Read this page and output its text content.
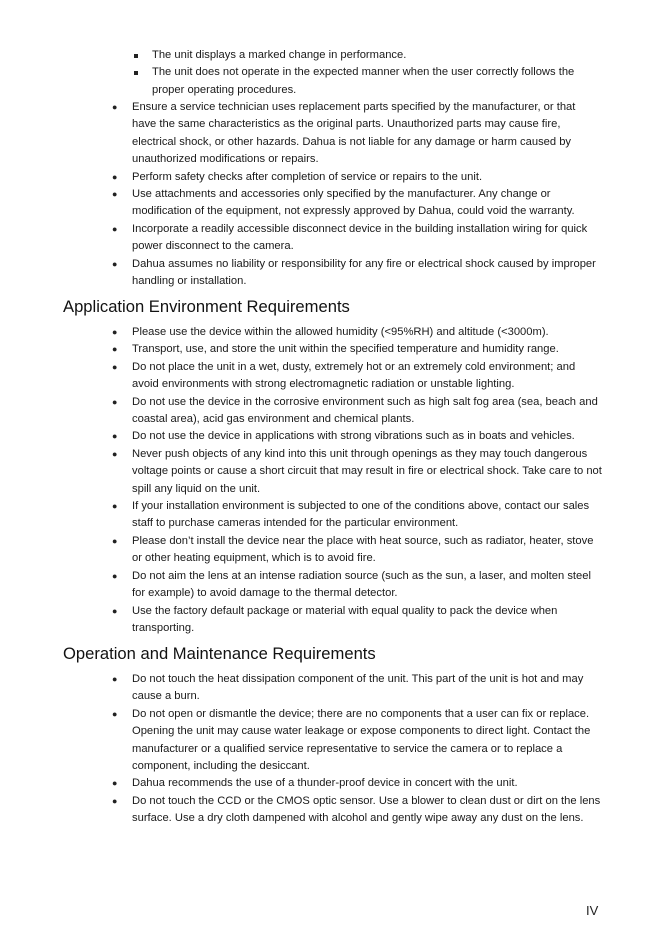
The unit displays a marked change in performance.
The unit does not operate in the expected manner when the user correctly follows the proper operating procedures.
● Ensure a service technician uses replacement parts specified by the manufacturer, or that have the same characteristics as the original parts. Unauthorized parts may cause fire, electrical shock, or other hazards. Dahua is not liable for any damage or harm caused by unauthorized modifications or repairs.
● Perform safety checks after completion of service or repairs to the unit.
● Use attachments and accessories only specified by the manufacturer. Any change or modification of the equipment, not expressly approved by Dahua, could void the warranty.
● Incorporate a readily accessible disconnect device in the building installation wiring for quick power disconnect to the camera.
● Dahua assumes no liability or responsibility for any fire or electrical shock caused by improper handling or installation.
Application Environment Requirements
● Please use the device within the allowed humidity (<95%RH) and altitude (<3000m).
● Transport, use, and store the unit within the specified temperature and humidity range.
● Do not place the unit in a wet, dusty, extremely hot or an extremely cold environment; and avoid environments with strong electromagnetic radiation or unstable lighting.
● Do not use the device in the corrosive environment such as high salt fog area (sea, beach and coastal area), acid gas environment and chemical plants.
● Do not use the device in applications with strong vibrations such as in boats and vehicles.
● Never push objects of any kind into this unit through openings as they may touch dangerous voltage points or cause a short circuit that may result in fire or electrical shock. Take care to not spill any liquid on the unit.
● If your installation environment is subjected to one of the conditions above, contact our sales staff to purchase cameras intended for the particular environment.
● Please don’t install the device near the place with heat source, such as radiator, heater, stove or other heating equipment, which is to avoid fire.
● Do not aim the lens at an intense radiation source (such as the sun, a laser, and molten steel for example) to avoid damage to the thermal detector.
● Use the factory default package or material with equal quality to pack the device when transporting.
Operation and Maintenance Requirements
● Do not touch the heat dissipation component of the unit. This part of the unit is hot and may cause a burn.
● Do not open or dismantle the device; there are no components that a user can fix or replace. Opening the unit may cause water leakage or expose components to direct light. Contact the manufacturer or a qualified service representative to service the camera or to replace a component, including the desiccant.
● Dahua recommends the use of a thunder-proof device in concert with the unit.
● Do not touch the CCD or the CMOS optic sensor. Use a blower to clean dust or dirt on the lens surface. Use a dry cloth dampened with alcohol and gently wipe away any dust on the lens.
IV
